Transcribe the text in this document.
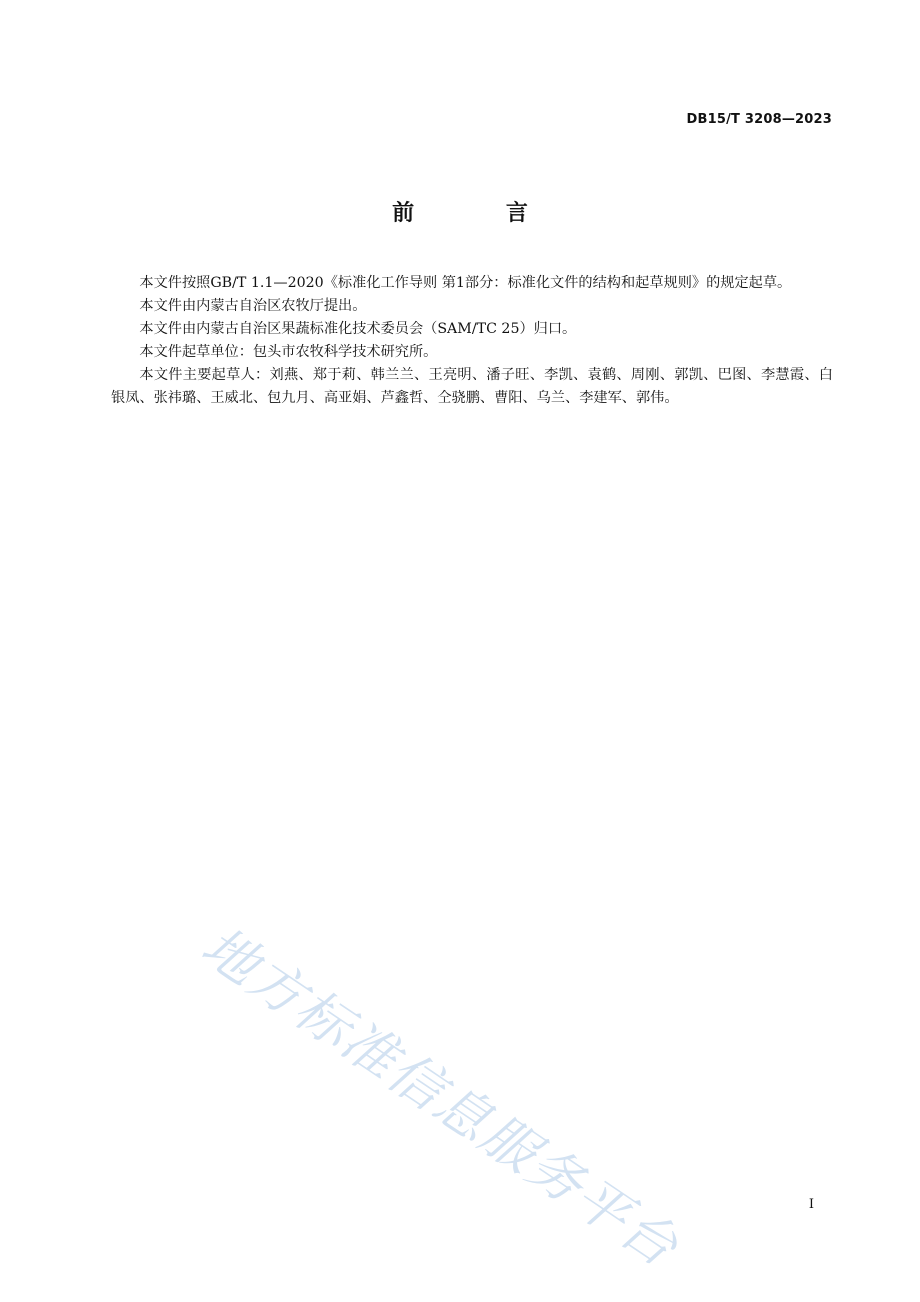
DB15/T 3208—2023
前 言

本文件按照GB/T 1.1—2020《标准化工作导则 第1部分：标准化文件的结构和起草规则》的规定起草。

本文件由内蒙古自治区农牧厅提出。

本文件由内蒙古自治区果蔬标准化技术委员会（SAM/TC 25）归口。

本文件起草单位：包头市农牧科学技术研究所。

本文件主要起草人：刘燕、郑于莉、韩兰兰、王亮明、潘子旺、李凯、袁鹤、周刚、郭凯、巴图、李慧霞、白银凤、张祎璐、王威北、包九月、高亚娟、芦鑫哲、仝骁鹏、曹阳、乌兰、李建军、郭伟。

地方标准信息服务平台	I
